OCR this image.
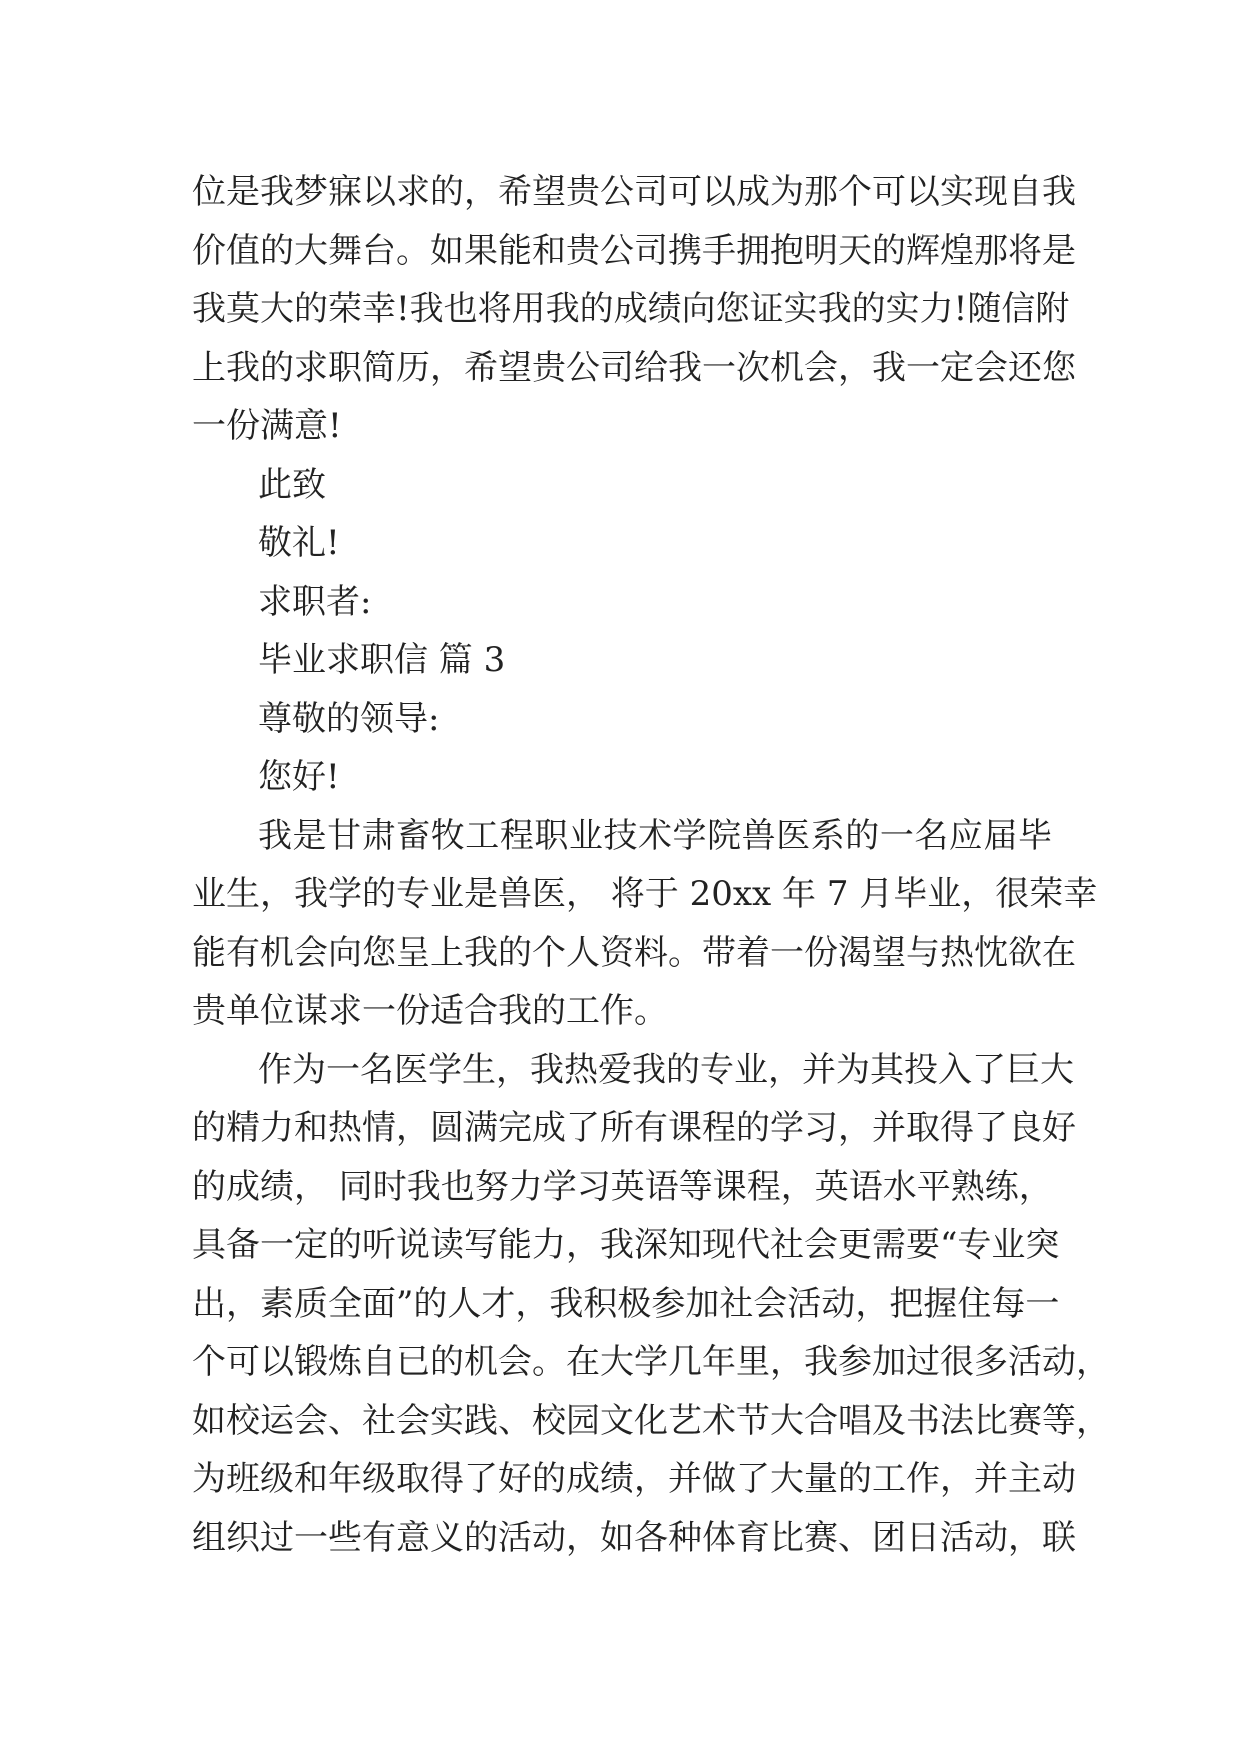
位是我梦寐以求的，希望贵公司可以成为那个可以实现自我
价值的大舞台。如果能和贵公司携手拥抱明天的辉煌那将是
我莫大的荣幸!我也将用我的成绩向您证实我的实力!随信附
上我的求职简历，希望贵公司给我一次机会，我一定会还您
一份满意!
此致
敬礼!
求职者:
毕业求职信 篇 3
尊敬的领导:
您好!
我是甘肃畜牧工程职业技术学院兽医系的一名应届毕
业生，我学的专业是兽医， 将于 20xx 年 7 月毕业，很荣幸
能有机会向您呈上我的个人资料。带着一份渴望与热忱欲在
贵单位谋求一份适合我的工作。
作为一名医学生，我热爱我的专业，并为其投入了巨大
的精力和热情，圆满完成了所有课程的学习，并取得了良好
的成绩， 同时我也努力学习英语等课程，英语水平熟练，
具备一定的听说读写能力，我深知现代社会更需要“专业突
出，素质全面”的人才，我积极参加社会活动，把握住每一
个可以锻炼自已的机会。在大学几年里，我参加过很多活动，
如校运会、社会实践、校园文化艺术节大合唱及书法比赛等，
为班级和年级取得了好的成绩，并做了大量的工作，并主动
组织过一些有意义的活动，如各种体育比赛、团日活动，联
